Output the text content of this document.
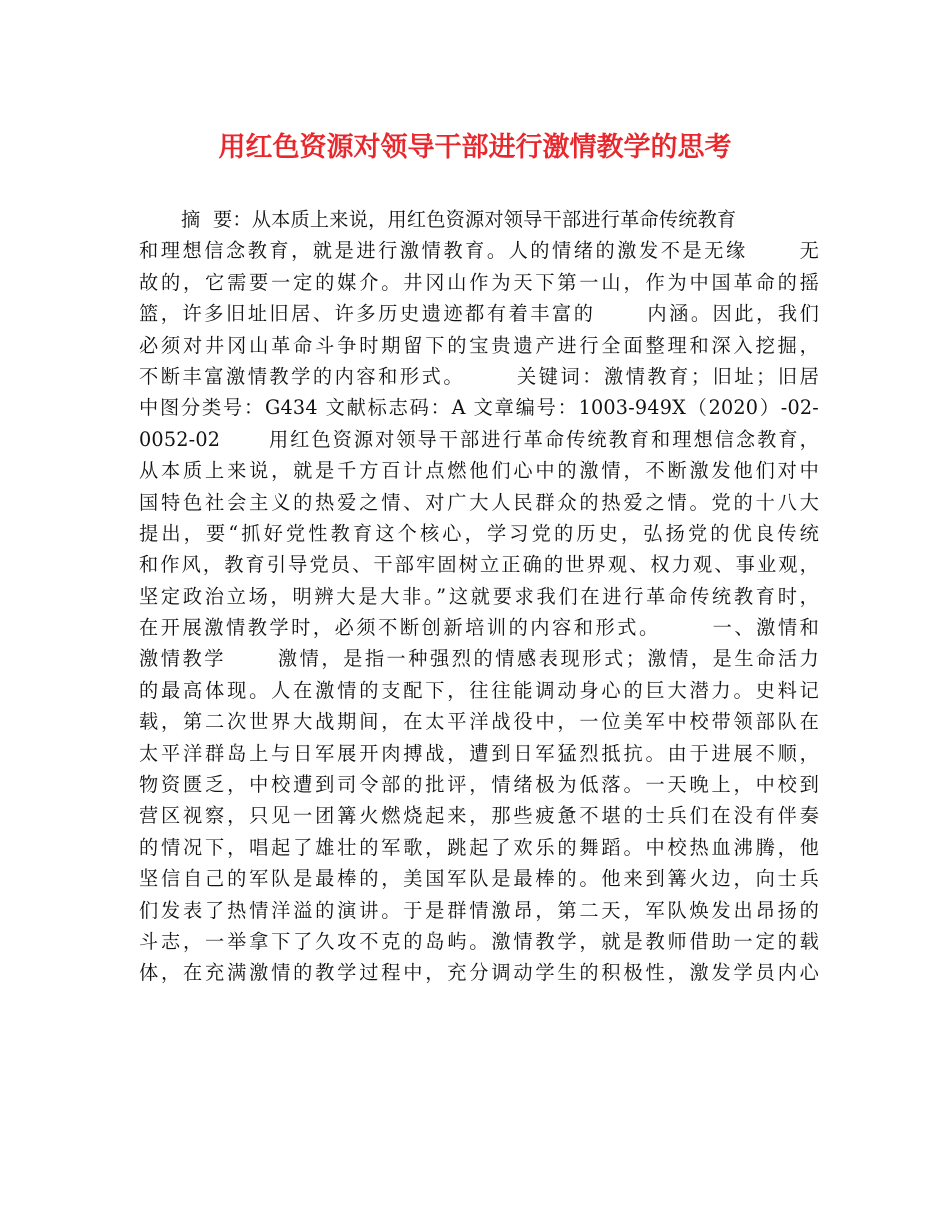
用红色资源对领导干部进行激情教学的思考
摘  要：从本质上来说，用红色资源对领导干部进行革命传统教育
和理想信念教育，就是进行激情教育。人的情绪的激发不是无缘      无
故的，它需要一定的媒介。井冈山作为天下第一山，作为中国革命的摇
篮，许多旧址旧居、许多历史遗迹都有着丰富的      内涵。因此，我们
必须对井冈山革命斗争时期留下的宝贵遗产进行全面整理和深入挖掘，
不断丰富激情教学的内容和形式。      关键词：激情教育；旧址；旧居
中图分类号：G434 文献标志码：A 文章编号：1003-949X（2020）-02-
0052-02      用红色资源对领导干部进行革命传统教育和理想信念教育，
从本质上来说，就是千方百计点燃他们心中的激情，不断激发他们对中
国特色社会主义的热爱之情、对广大人民群众的热爱之情。党的十八大
提出，要“抓好党性教育这个核心，学习党的历史，弘扬党的优良传统
和作风，教育引导党员、干部牢固树立正确的世界观、权力观、事业观，
坚定政治立场，明辨大是大非。”这就要求我们在进行革命传统教育时，
在开展激情教学时，必须不断创新培训的内容和形式。      一、激情和
激情教学      激情，是指一种强烈的情感表现形式；激情，是生命活力
的最高体现。人在激情的支配下，往往能调动身心的巨大潜力。史料记
载，第二次世界大战期间，在太平洋战役中，一位美军中校带领部队在
太平洋群岛上与日军展开肉搏战，遭到日军猛烈抵抗。由于进展不顺，
物资匮乏，中校遭到司令部的批评，情绪极为低落。一天晚上，中校到
营区视察，只见一团篝火燃烧起来，那些疲惫不堪的士兵们在没有伴奏
的情况下，唱起了雄壮的军歌，跳起了欢乐的舞蹈。中校热血沸腾，他
坚信自己的军队是最棒的，美国军队是最棒的。他来到篝火边，向士兵
们发表了热情洋溢的演讲。于是群情激昂，第二天，军队焕发出昂扬的
斗志，一举拿下了久攻不克的岛屿。激情教学，就是教师借助一定的载
体，在充满激情的教学过程中，充分调动学生的积极性，激发学员内心
